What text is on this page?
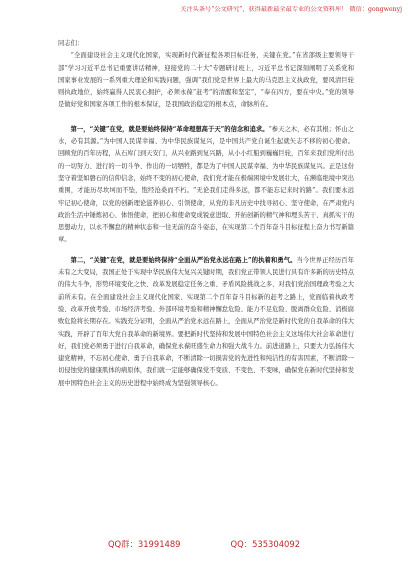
关注头条号“公文研究”，获得最新最全最专业的公文资料库！ 微信：gongwenyj

同志们：

“全面建设社会主义现代化国家，实现新时代新征程各项目标任务，关键在党。”在省部级主要领导干部“学习习近平总书记重要讲话精神，迎接党的二十大”专题研讨班上，习近平总书记深刻阐明了关系党和国家事业发展的一系列重大理论和实践问题，强调“我们党是世界上最大的马克思主义执政党，要风清巨轮则执政地位，始终赢得人民衷心拥护，必须永葆“赶考”的清醒和坚定”，“奉在四方，要在中央。”党的领导是做好党和国家各项工作的根本保证，是我国政治稳定的根本点，命脉所在。

第一，“关键”在党，就是要始终保持“革命理想高于天”的信念和追求。“参天之木，必有其根；怀山之水，必有其源。”为中国人民谋幸福、为中华民族谋复兴，是中国共产党自诞生起就矢志不移的初心使命。回顾党的百年历程，从石库门到天安门，从兴业路到复兴路，从小小红船到巍巍巨轮，百年来我们党所付出的一切努力、进行的一切斗争、作出的一切牺牲，都是为了中国人民谋幸福、为中华民族谋复兴。正是这份坚守着坚如磐石的信仰信念，始终不变的初心使命，我们党才能在极端困境中发展壮大，在濒临绝境中突出重围，才能历尽坎坷而不坠，饱经沧桑而不朽。“无论我们走得多远，都不能忘记来时的路”。我们要永远牢记初心使命，以党的创新理论滋养初心、引领使命，从党的非凡历史中找寻初心、坚守使命，在严肃党内政治生活中锤炼初心、体悟使命，把初心和使命变成锐意进取、开拓创新的精气神和埋头苦干、真抓实干的思想动力，以永不懈怠的精神状态和一往无前的奋斗姿态，在实现第二个百年奋斗目标征程上奋力书写新篇章。

第二，“关键”在党，就是要始终保持“全面从严治党永远在路上”的执着和勇气。当今世界正经历百年未有之大变局，我国正处于实现中华民族伟大复兴关键时期，我们党正带领人民进行具有许多新的历史特点的伟大斗争，形势环境变化之快、改革发展稳定任务之重、矛盾风险挑战之多、对我们党治国理政考验之大前所未有。在全面建设社会主义现代化国家、实现第二个百年奋斗目标新的赶考之路上，党面临着执政考验、改革开放考验、市场经济考验、外部环境考验和精神懈怠危险、能力不足危险、脱离群众危险、消极腐败危险将长期存在。实践充分证明，全面从严治党永远在路上，全面从严治党是新时代党的自我革命的伟大实践，开辟了百年大党自我革命的新境界。要把新时代坚持和发展中国特色社会主义这场伟大社会革命进行好，我们党必须勇于进行自我革命，确保党永葆旺盛生命力和强大战斗力。前进道路上，只要大力弘扬伟大建党精神，不忘初心使命、勇于自我革命，不断清除一切损害党的先进性和纯洁性的有害因素，不断清除一切侵蚀党的健康肌体的病原体，我们就一定能够确保党不变质、不变色、不变味，确保党在新时代坚持和发展中国特色社会主义的历史进程中始终成为坚强领导核心。

QQ群：31991489	QQ：535304092
